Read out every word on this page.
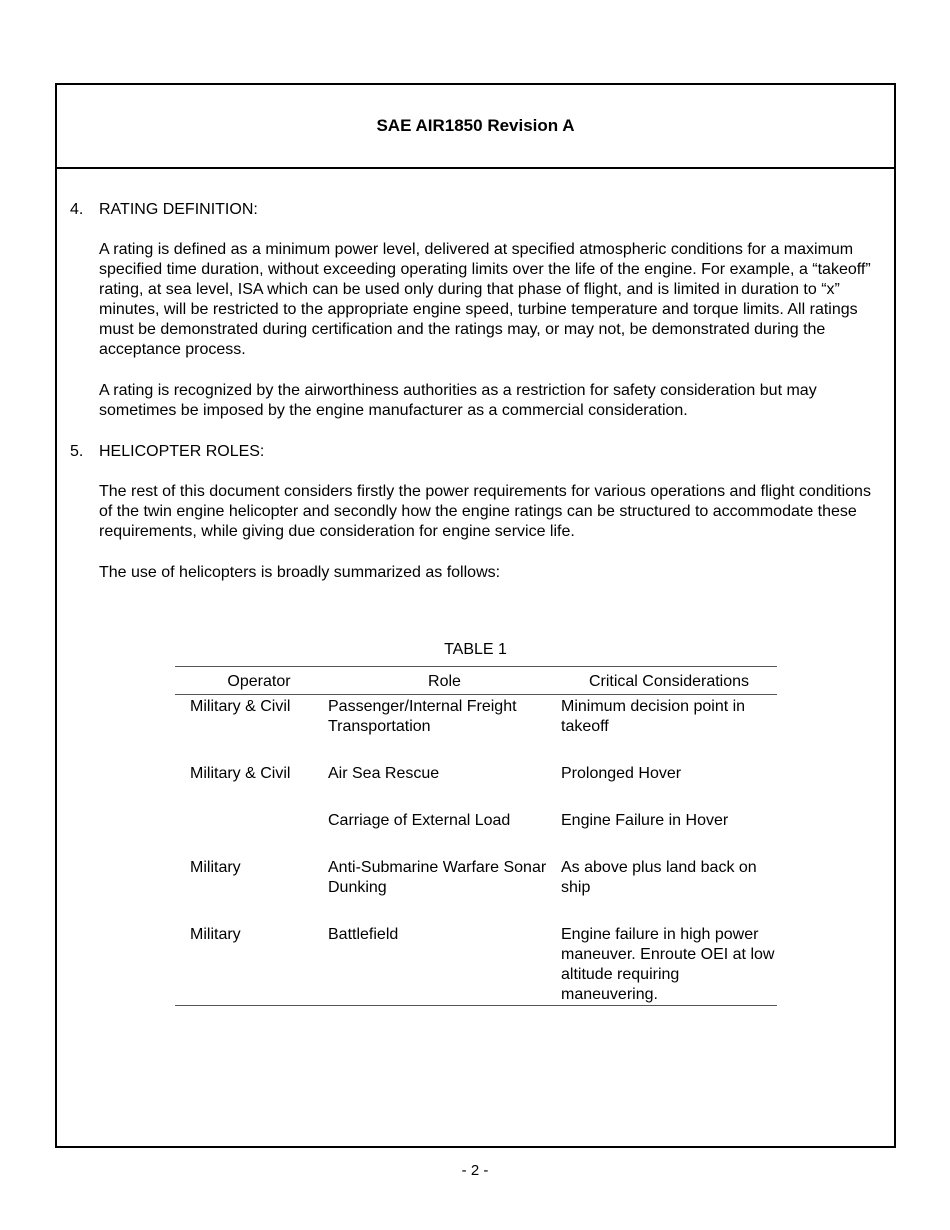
SAE AIR1850 Revision A
4. RATING DEFINITION:
A rating is defined as a minimum power level, delivered at specified atmospheric conditions for a maximum specified time duration, without exceeding operating limits over the life of the engine. For example, a “takeoff” rating, at sea level, ISA which can be used only during that phase of flight, and is limited in duration to “x” minutes, will be restricted to the appropriate engine speed, turbine temperature and torque limits. All ratings must be demonstrated during certification and the ratings may, or may not, be demonstrated during the acceptance process.
A rating is recognized by the airworthiness authorities as a restriction for safety consideration but may sometimes be imposed by the engine manufacturer as a commercial consideration.
5. HELICOPTER ROLES:
The rest of this document considers firstly the power requirements for various operations and flight conditions of the twin engine helicopter and secondly how the engine ratings can be structured to accommodate these requirements, while giving due consideration for engine service life.
The use of helicopters is broadly summarized as follows:
TABLE 1
Operator	Role	Critical Considerations
Military & Civil	Passenger/Internal Freight Transportation	Minimum decision point in takeoff
Military & Civil	Air Sea Rescue	Prolonged Hover
	Carriage of External Load	Engine Failure in Hover
Military	Anti-Submarine Warfare Sonar Dunking	As above plus land back on ship
Military	Battlefield	Engine failure in high power maneuver. Enroute OEI at low altitude requiring maneuvering.
- 2 -
